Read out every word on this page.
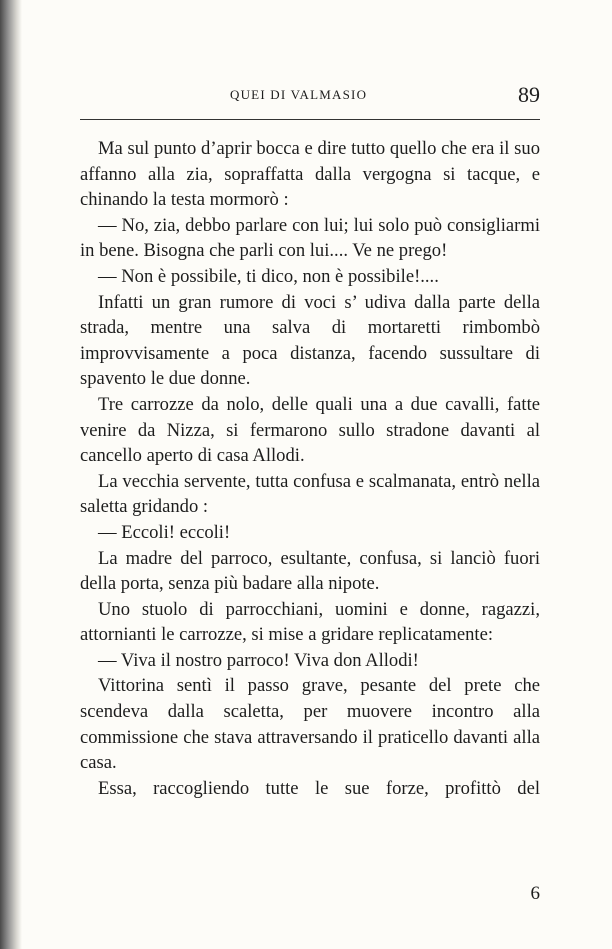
QUEI DI VALMASIO	89

Ma sul punto d’aprir bocca e dire tutto quello che era il suo affanno alla zia, sopraffatta dalla vergogna si tacque, e chinando la testa mormorò :

— No, zia, debbo parlare con lui; lui solo può consigliarmi in bene. Bisogna che parli con lui.... Ve ne prego!

— Non è possibile, ti dico, non è possibile!....

Infatti un gran rumore di voci s’ udiva dalla parte della strada, mentre una salva di mortaretti rimbombò improvvisamente a poca distanza, facendo sussultare di spavento le due donne.

Tre carrozze da nolo, delle quali una a due cavalli, fatte venire da Nizza, si fermarono sullo stradone davanti al cancello aperto di casa Allodi.

La vecchia servente, tutta confusa e scalmanata, entrò nella saletta gridando :

— Eccoli! eccoli!

La madre del parroco, esultante, confusa, si lanciò fuori della porta, senza più badare alla nipote.

Uno stuolo di parrocchiani, uomini e donne, ragazzi, attornianti le carrozze, si mise a gridare replicatamente:

— Viva il nostro parroco! Viva don Allodi!

Vittorina sentì il passo grave, pesante del prete che scendeva dalla scaletta, per muovere incontro alla commissione che stava attraversando il praticello davanti alla casa.

Essa, raccogliendo tutte le sue forze, profittò del

6
